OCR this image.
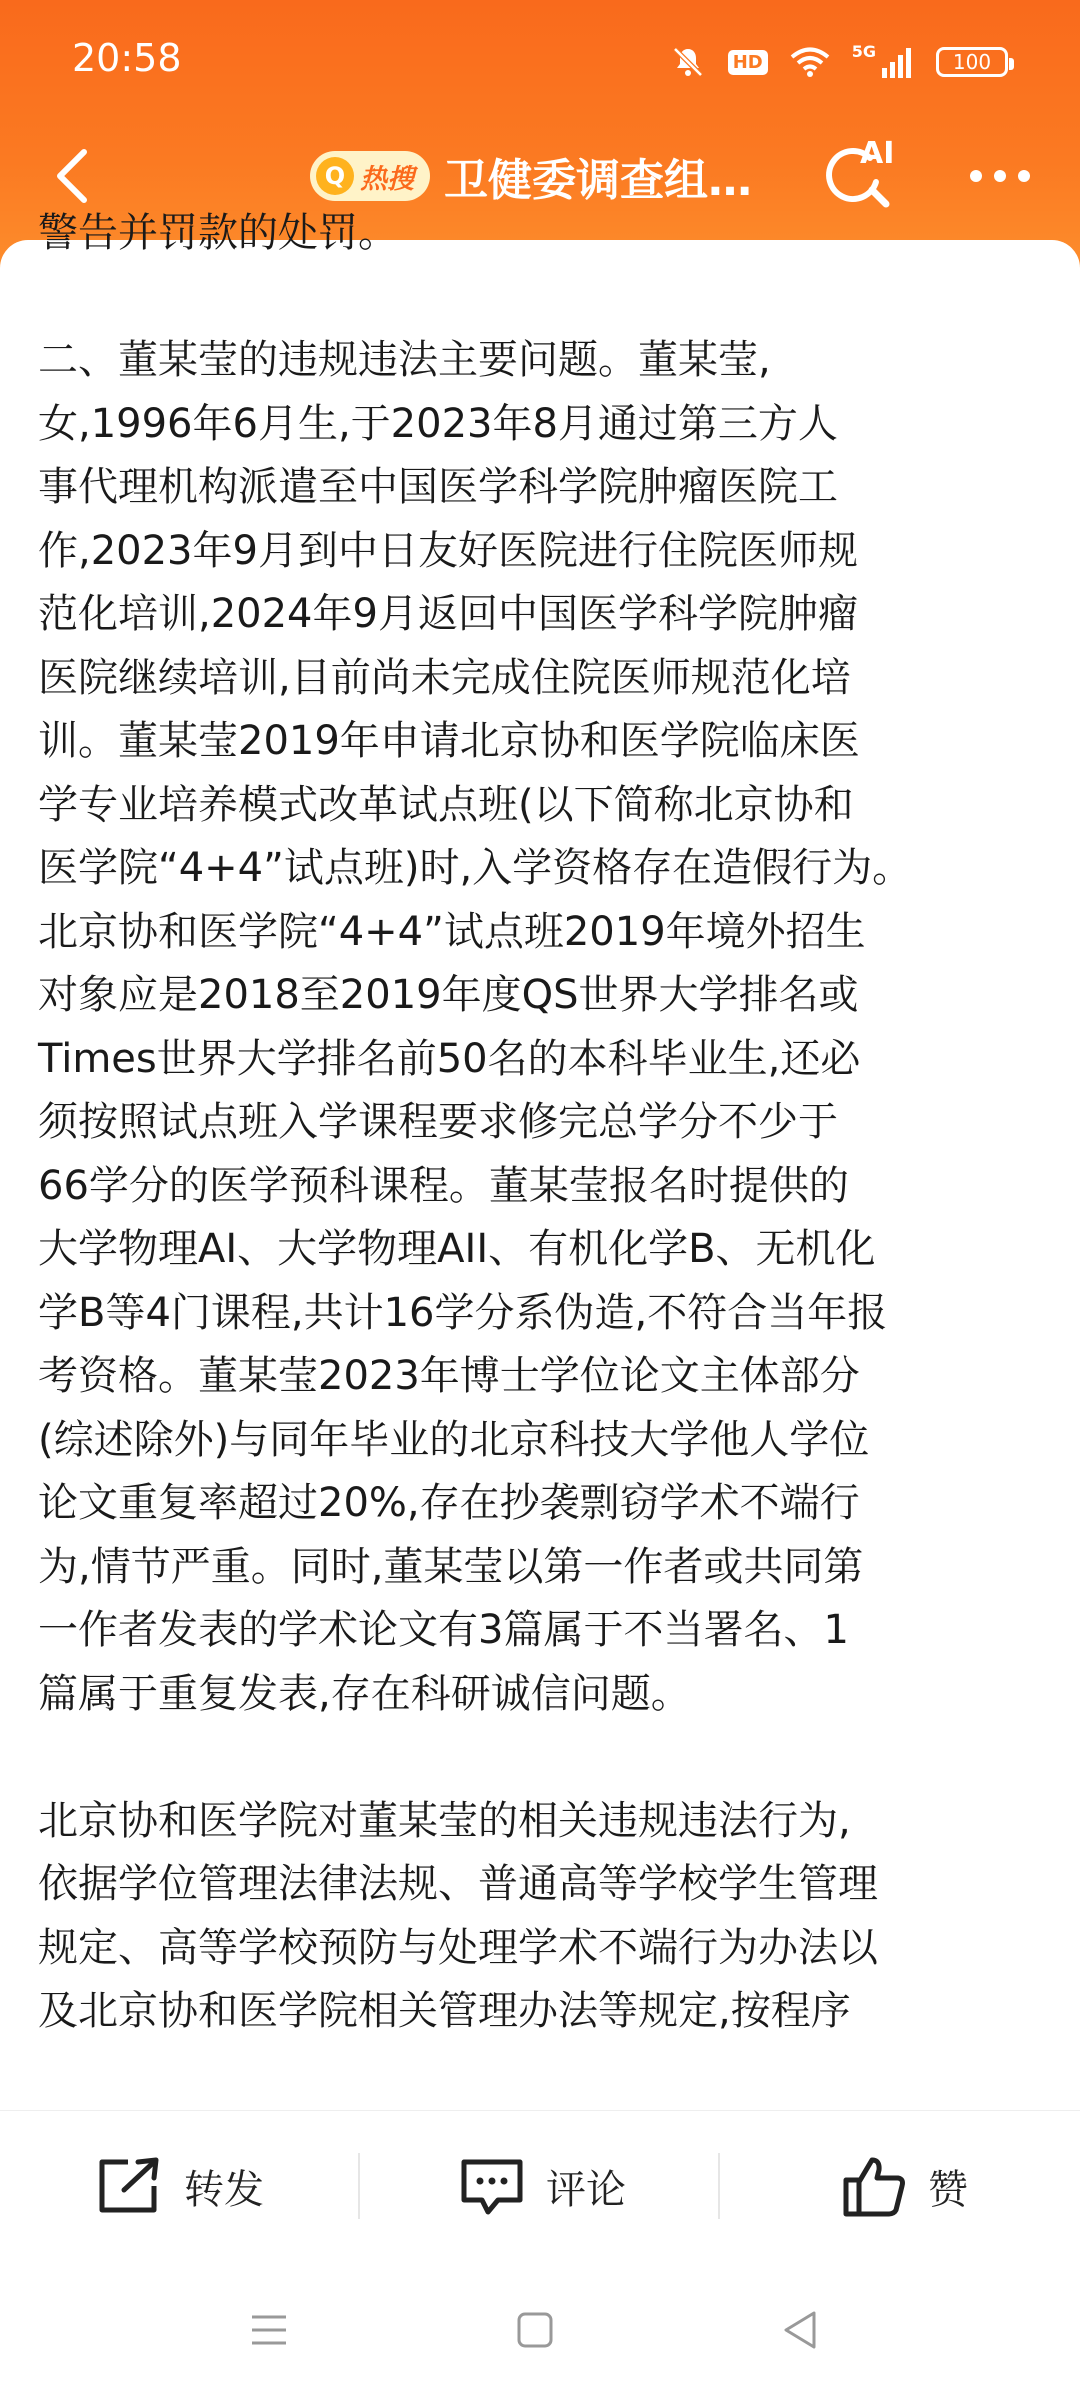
20:58	HD	5G	100
Q 热搜 卫健委调查组…
AI

警告并罚款的处罚。

二、董某莹的违规违法主要问题。董某莹,

女,1996年6月生,于2023年8月通过第三方人

事代理机构派遣至中国医学科学院肿瘤医院工

作,2023年9月到中日友好医院进行住院医师规

范化培训,2024年9月返回中国医学科学院肿瘤

医院继续培训,目前尚未完成住院医师规范化培

训。董某莹2019年申请北京协和医学院临床医

学专业培养模式改革试点班(以下简称北京协和

医学院“4+4”试点班)时,入学资格存在造假行为。

北京协和医学院“4+4”试点班2019年境外招生

对象应是2018至2019年度QS世界大学排名或

Times世界大学排名前50名的本科毕业生,还必

须按照试点班入学课程要求修完总学分不少于

66学分的医学预科课程。董某莹报名时提供的

大学物理AI、大学物理AII、有机化学B、无机化

学B等4门课程,共计16学分系伪造,不符合当年报

考资格。董某莹2023年博士学位论文主体部分

(综述除外)与同年毕业的北京科技大学他人学位

论文重复率超过20%,存在抄袭剽窃学术不端行

为,情节严重。同时,董某莹以第一作者或共同第

一作者发表的学术论文有3篇属于不当署名、1

篇属于重复发表,存在科研诚信问题。

北京协和医学院对董某莹的相关违规违法行为,

依据学位管理法律法规、普通高等学校学生管理

规定、高等学校预防与处理学术不端行为办法以

及北京协和医学院相关管理办法等规定,按程序

转发	评论	赞
